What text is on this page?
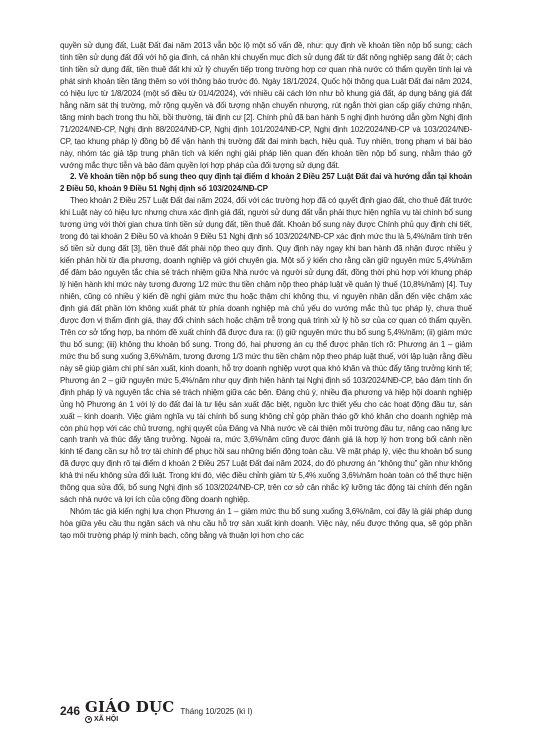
quyền sử dụng đất, Luật Đất đai năm 2013 vẫn bộc lộ một số vấn đề, như: quy định về khoản tiền nộp bổ sung; cách tính tiền sử dụng đất đối với hộ gia đình, cá nhân khi chuyển mục đích sử dụng đất từ đất nông nghiệp sang đất ở; cách tính tiền sử dụng đất, tiền thuê đất khi xử lý chuyển tiếp trong trường hợp cơ quan nhà nước có thẩm quyền tính lại và phát sinh khoản tiền tăng thêm so với thông báo trước đó. Ngày 18/1/2024, Quốc hội thông qua Luật Đất đai năm 2024, có hiệu lực từ 1/8/2024 (một số điều từ 01/4/2024), với nhiều cải cách lớn như bỏ khung giá đất, áp dụng bảng giá đất hằng năm sát thị trường, mở rộng quyền và đối tượng nhận chuyển nhượng, rút ngắn thời gian cấp giấy chứng nhận, tăng minh bạch trong thu hồi, bồi thường, tái định cư [2]. Chính phủ đã ban hành 5 nghị định hướng dẫn gồm Nghị định 71/2024/NĐ-CP, Nghị định 88/2024/NĐ-CP, Nghị định 101/2024/NĐ-CP, Nghị định 102/2024/NĐ-CP và 103/2024/NĐ-CP, tạo khung pháp lý đồng bộ để vận hành thị trường đất đai minh bạch, hiệu quả. Tuy nhiên, trong phạm vi bài báo này, nhóm tác giả tập trung phân tích và kiến nghị giải pháp liên quan đến khoản tiền nộp bổ sung, nhằm tháo gỡ vướng mắc thực tiễn và bảo đảm quyền lợi hợp pháp của đối tượng sử dụng đất.

2. Về khoản tiền nộp bổ sung theo quy định tại điểm d khoản 2 Điều 257 Luật Đất đai và hướng dẫn tại khoản 2 Điều 50, khoản 9 Điều 51 Nghị định số 103/2024/NĐ-CP

Theo khoản 2 Điều 257 Luật Đất đai năm 2024, đối với các trường hợp đã có quyết định giao đất, cho thuê đất trước khi Luật này có hiệu lực nhưng chưa xác định giá đất, người sử dụng đất vẫn phải thực hiện nghĩa vụ tài chính bổ sung tương ứng với thời gian chưa tính tiền sử dụng đất, tiền thuê đất. Khoản bổ sung này được Chính phủ quy định chi tiết, trong đó tại khoản 2 Điều 50 và khoản 9 Điều 51 Nghị định số 103/2024/NĐ-CP xác định mức thu là 5,4%/năm tính trên số tiền sử dụng đất [3], tiền thuê đất phải nộp theo quy định. Quy định này ngay khi ban hành đã nhận được nhiều ý kiến phản hồi từ địa phương, doanh nghiệp và giới chuyên gia. Một số ý kiến cho rằng cần giữ nguyên mức 5,4%/năm để đảm bảo nguyên tắc chia sẻ trách nhiệm giữa Nhà nước và người sử dụng đất, đồng thời phù hợp với khung pháp lý hiện hành khi mức này tương đương 1/2 mức thu tiền chậm nộp theo pháp luật về quản lý thuế (10,8%/năm) [4]. Tuy nhiên, cũng có nhiều ý kiến đề nghị giảm mức thu hoặc thậm chí không thu, vì nguyên nhân dẫn đến việc chậm xác định giá đất phần lớn không xuất phát từ phía doanh nghiệp mà chủ yếu do vướng mắc thủ tục pháp lý, chưa thuế được đơn vị thẩm định giá, thay đổi chính sách hoặc chậm trễ trong quá trình xử lý hồ sơ của cơ quan có thẩm quyền. Trên cơ sở tổng hợp, ba nhóm đề xuất chính đã được đưa ra: (i) giữ nguyên mức thu bổ sung 5,4%/năm; (ii) giảm mức thu bổ sung; (iii) không thu khoản bổ sung. Trong đó, hai phương án cụ thể được phân tích rõ: Phương án 1 – giảm mức thu bổ sung xuống 3,6%/năm, tương đương 1/3 mức thu tiền chậm nộp theo pháp luật thuế, với lập luận rằng điều này sẽ giúp giảm chi phí sản xuất, kinh doanh, hỗ trợ doanh nghiệp vượt qua khó khăn và thúc đẩy tăng trưởng kinh tế; Phương án 2 – giữ nguyên mức 5,4%/năm như quy định hiện hành tại Nghị định số 103/2024/NĐ-CP, bảo đảm tính ổn định pháp lý và nguyên tắc chia sẻ trách nhiệm giữa các bên. Đáng chú ý, nhiều địa phương và hiệp hội doanh nghiệp ủng hộ Phương án 1 với lý do đất đai là tư liệu sản xuất đặc biệt, nguồn lực thiết yếu cho các hoạt động đầu tư, sản xuất – kinh doanh. Việc giảm nghĩa vụ tài chính bổ sung không chỉ góp phần tháo gỡ khó khăn cho doanh nghiệp mà còn phù hợp với các chủ trương, nghị quyết của Đảng và Nhà nước về cải thiện môi trường đầu tư, nâng cao năng lực cạnh tranh và thúc đẩy tăng trưởng. Ngoài ra, mức 3,6%/năm cũng được đánh giá là hợp lý hơn trong bối cảnh nền kinh tế đang cần sự hỗ trợ tài chính để phục hồi sau những biến động toàn cầu. Về mặt pháp lý, việc thu khoản bổ sung đã được quy định rõ tại điểm d khoản 2 Điều 257 Luật Đất đai năm 2024, do đó phương án “không thu” gần như không khả thi nếu không sửa đổi luật. Trong khi đó, việc điều chỉnh giảm từ 5,4% xuống 3,6%/năm hoàn toàn có thể thực hiện thông qua sửa đổi, bổ sung Nghị định số 103/2024/NĐ-CP, trên cơ sở cân nhắc kỹ lưỡng tác động tài chính đến ngân sách nhà nước và lợi ích của cộng đồng doanh nghiệp.

Nhóm tác giả kiến nghị lựa chọn Phương án 1 – giảm mức thu bổ sung xuống 3,6%/năm, coi đây là giải pháp dung hòa giữa yêu cầu thu ngân sách và nhu cầu hỗ trợ sản xuất kinh doanh. Việc này, nếu được thông qua, sẽ góp phần tạo môi trường pháp lý minh bạch, công bằng và thuận lợi hơn cho các

246 GIÁO DỤC
XÃ HỘI
Tháng 10/2025 (kì I)
